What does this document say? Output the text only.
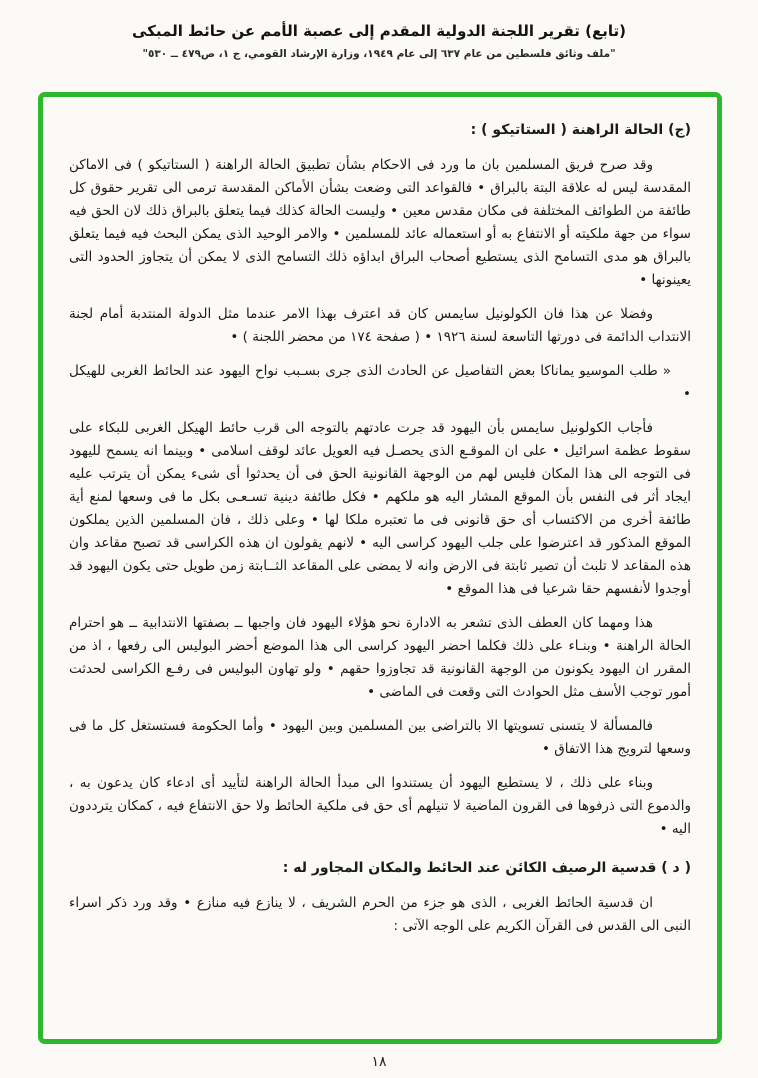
(تابع) تقرير اللجنة الدولية المقدم إلى عصبة الأمم عن حائط المبكى
"ملف وثائق فلسطين من عام ٦٣٧ إلى عام ١٩٤٩، وزارة الإرشاد القومي، ج ١، ص٤٧٩ ــ ٥٣٠"
(ج) الحالة الراهنة ( الستاتيكو ) :

وقد صرح فريق المسلمين بان ما ورد فى الاحكام بشأن تطبيق الحالة الراهنة ( الستاتيكو ) فى الاماكن المقدسة ليس له علاقة البتة بالبراق • فالقواعد التى وضعت بشأن الأماكن المقدسة ترمى الى تقرير حقوق كل طائفة من الطوائف المختلفة فى مكان مقدس معين • وليست الحالة كذلك فيما يتعلق بالبراق ذلك لان الحق فيه سواء من جهة ملكيته أو الانتفاع به أو استعماله عائد للمسلمين • والامر الوحيد الذى يمكن البحث فيه فيما يتعلق بالبراق هو مدى التسامح الذى يستطيع أصحاب البراق ابداؤه ذلك التسامح الذى لا يمكن أن يتجاوز الحدود التى يعينونها •

وفضلا عن هذا فان الكولونيل سايمس كان قد اعترف بهذا الامر عندما مثل الدولة المنتدبة أمام لجنة الانتداب الدائمة فى دورتها التاسعة لسنة ١٩٢٦ • ( صفحة ١٧٤ من محضر اللجنة ) •

« طلب الموسيو يماناكا بعض التفاصيل عن الحادث الذى جرى بسـبب نواح اليهود عند الحائط الغربى للهيكل •

فأجاب الكولونيل سايمس بأن اليهود قد جرت عادتهم بالتوجه الى قرب حائط الهيكل الغربى للبكاء على سقوط عظمة اسرائيل • على ان الموقـع الذى يحصـل فيه العويل عائد لوقف اسلامى • وبينما انه يسمح لليهود فى التوجه الى هذا المكان فليس لهم من الوجهة القانونية الحق فى أن يحدثوا أى شىء يمكن أن يترتب عليه ايجاد أثر فى النفس بأن الموقع المشار اليه هو ملكهم • فكل طائفة دينية تسـعـى بكل ما فى وسعها لمنع أية طائفة أخرى من الاكتساب أى حق قانونى فى ما تعتبره ملكا لها • وعلى ذلك ، فان المسلمين الذين يملكون الموقع المذكور قد اعترضوا على جلب اليهود كراسى اليه • لانهم يقولون ان هذه الكراسى قد تصبح مقاعد وان هذه المقاعد لا تلبث أن تصير ثابتة فى الارض وانه لا يمضى على المقاعد الثــابتة زمن طويل حتى يكون اليهود قد أوجدوا لأنفسهم حقا شرعيا فى هذا الموقع •

هذا ومهما كان العطف الذى تشعر به الادارة نحو هؤلاء اليهود فان واجبها ــ بصفتها الانتدابية ــ هو احترام الحالة الراهنة • وبنـاء على ذلك فكلما احضر اليهود كراسى الى هذا الموضع أحضر البوليس الى رفعها ، اذ من المقرر ان اليهود يكونون من الوجهة القانونية قد تجاوزوا حقهم • ولو تهاون البوليس فى رفـع الكراسى لحدثت أمور توجب الأسف مثل الحوادث التى وقعت فى الماضى •

فالمسألة لا يتسنى تسويتها الا بالتراضى بين المسلمين وبين اليهود • وأما الحكومة فستستغل كل ما فى وسعها لترويج هذا الاتفاق •

وبناء على ذلك ، لا يستطيع اليهود أن يستندوا الى مبدأ الحالة الراهنة لتأييد أى ادعاء كان يدعون به ، والدموع التى ذرفوها فى القرون الماضية لا تنيلهم أى حق فى ملكية الحائط ولا حق الانتفاع فيه ، كمكان يترددون اليه •

( د ) قدسية الرصيف الكائن عند الحائط والمكان المجاور له :

ان قدسية الحائط الغربى ، الذى هو جزء من الحرم الشريف ، لا ينازع فيه منازع • وقد ورد ذكر اسراء النبى الى القدس فى القرآن الكريم على الوجه الآتى :

١٨
